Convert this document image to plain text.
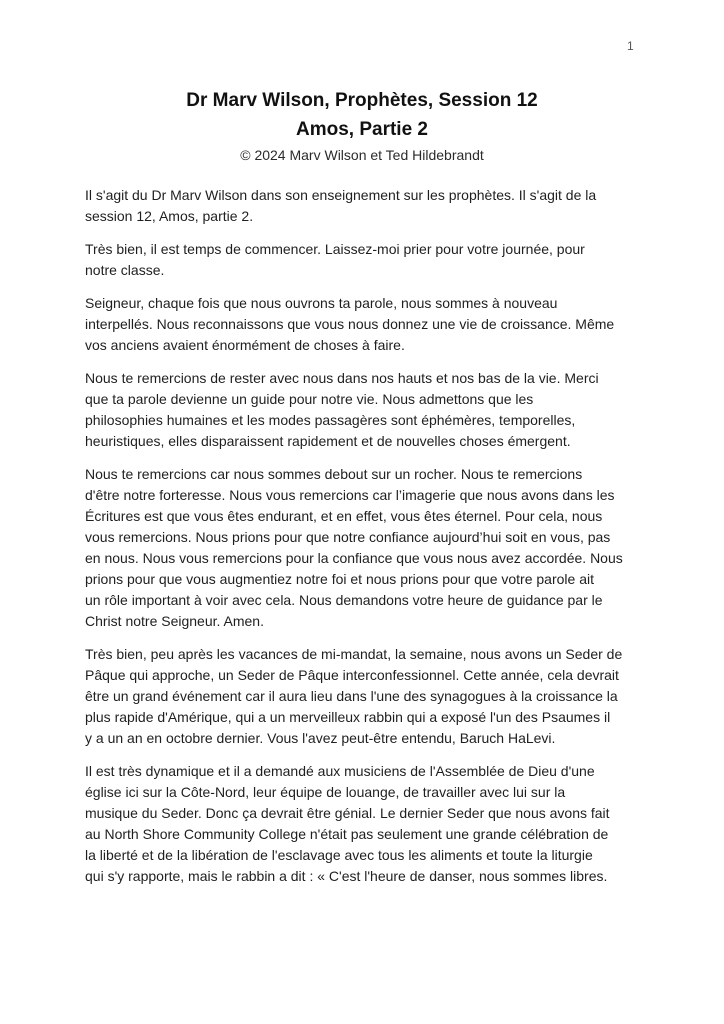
1
Dr Marv Wilson, Prophètes, Session 12
Amos, Partie 2
© 2024 Marv Wilson et Ted Hildebrandt

Il s'agit du Dr Marv Wilson dans son enseignement sur les prophètes. Il s'agit de la
session 12, Amos, partie 2.

Très bien, il est temps de commencer. Laissez-moi prier pour votre journée, pour
notre classe.

Seigneur, chaque fois que nous ouvrons ta parole, nous sommes à nouveau
interpellés. Nous reconnaissons que vous nous donnez une vie de croissance. Même
vos anciens avaient énormément de choses à faire.

Nous te remercions de rester avec nous dans nos hauts et nos bas de la vie. Merci
que ta parole devienne un guide pour notre vie. Nous admettons que les
philosophies humaines et les modes passagères sont éphémères, temporelles,
heuristiques, elles disparaissent rapidement et de nouvelles choses émergent.

Nous te remercions car nous sommes debout sur un rocher. Nous te remercions
d'être notre forteresse. Nous vous remercions car l’imagerie que nous avons dans les
Écritures est que vous êtes endurant, et en effet, vous êtes éternel. Pour cela, nous
vous remercions. Nous prions pour que notre confiance aujourd’hui soit en vous, pas
en nous. Nous vous remercions pour la confiance que vous nous avez accordée. Nous
prions pour que vous augmentiez notre foi et nous prions pour que votre parole ait
un rôle important à voir avec cela. Nous demandons votre heure de guidance par le
Christ notre Seigneur. Amen.

Très bien, peu après les vacances de mi-mandat, la semaine, nous avons un Seder de
Pâque qui approche, un Seder de Pâque interconfessionnel. Cette année, cela devrait
être un grand événement car il aura lieu dans l'une des synagogues à la croissance la
plus rapide d'Amérique, qui a un merveilleux rabbin qui a exposé l'un des Psaumes il
y a un an en octobre dernier. Vous l'avez peut-être entendu, Baruch HaLevi.

Il est très dynamique et il a demandé aux musiciens de l'Assemblée de Dieu d'une
église ici sur la Côte-Nord, leur équipe de louange, de travailler avec lui sur la
musique du Seder. Donc ça devrait être génial. Le dernier Seder que nous avons fait
au North Shore Community College n'était pas seulement une grande célébration de
la liberté et de la libération de l'esclavage avec tous les aliments et toute la liturgie
qui s'y rapporte, mais le rabbin a dit : « C'est l'heure de danser, nous sommes libres.
